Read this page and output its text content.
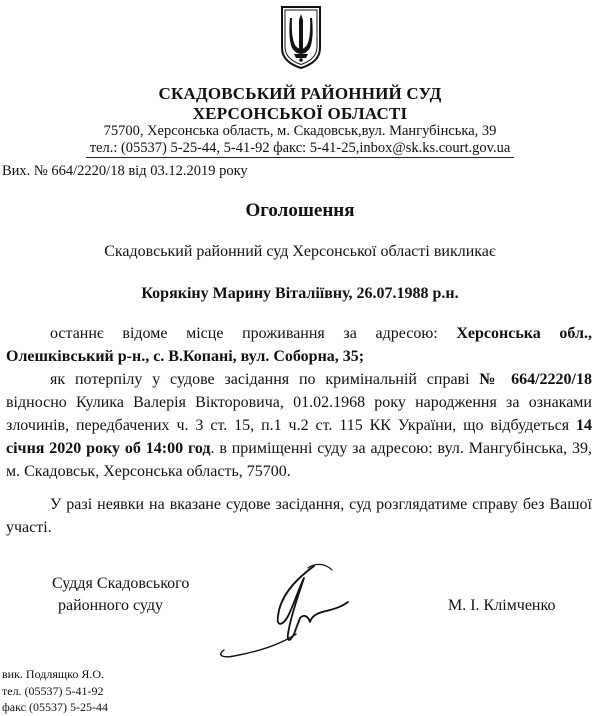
СКАДОВСЬКИЙ РАЙОННИЙ СУД
ХЕРСОНСЬКОЇ ОБЛАСТІ
75700, Херсонська область, м. Скадовськ,вул. Мангубінська, 39
тел.: (05537) 5-25-44, 5-41-92 факс: 5-41-25,inbox@sk.ks.court.gov.ua
Вих. № 664/2220/18 від 03.12.2019 року
Оголошення
Скадовський районний суд Херсонської області викликає
Корякіну Марину Віталіївну, 26.07.1988 р.н.

останнє відоме місце проживання за адресою: Херсонська обл., Олешківський р-н., с. В.Копані, вул. Соборна, 35;

як потерпілу у судове засідання по кримінальній справі № 664/2220/18 відносно Кулика Валерія Вікторовича, 01.02.1968 року народження за ознаками злочинів, передбачених ч. 3 ст. 15, п.1 ч.2 ст. 115 КК України, що відбудеться 14 січня 2020 року об 14:00 год. в приміщенні суду за адресою: вул. Мангубінська, 39, м. Скадовськ, Херсонська область, 75700.

У разі неявки на вказане судове засідання, суд розглядатиме справу без Вашої участі.

Суддя Скадовського
районного суду	М. І. Клімченко
вик. Подлящко Я.О.
тел. (05537) 5-41-92
факс (05537) 5-25-44
